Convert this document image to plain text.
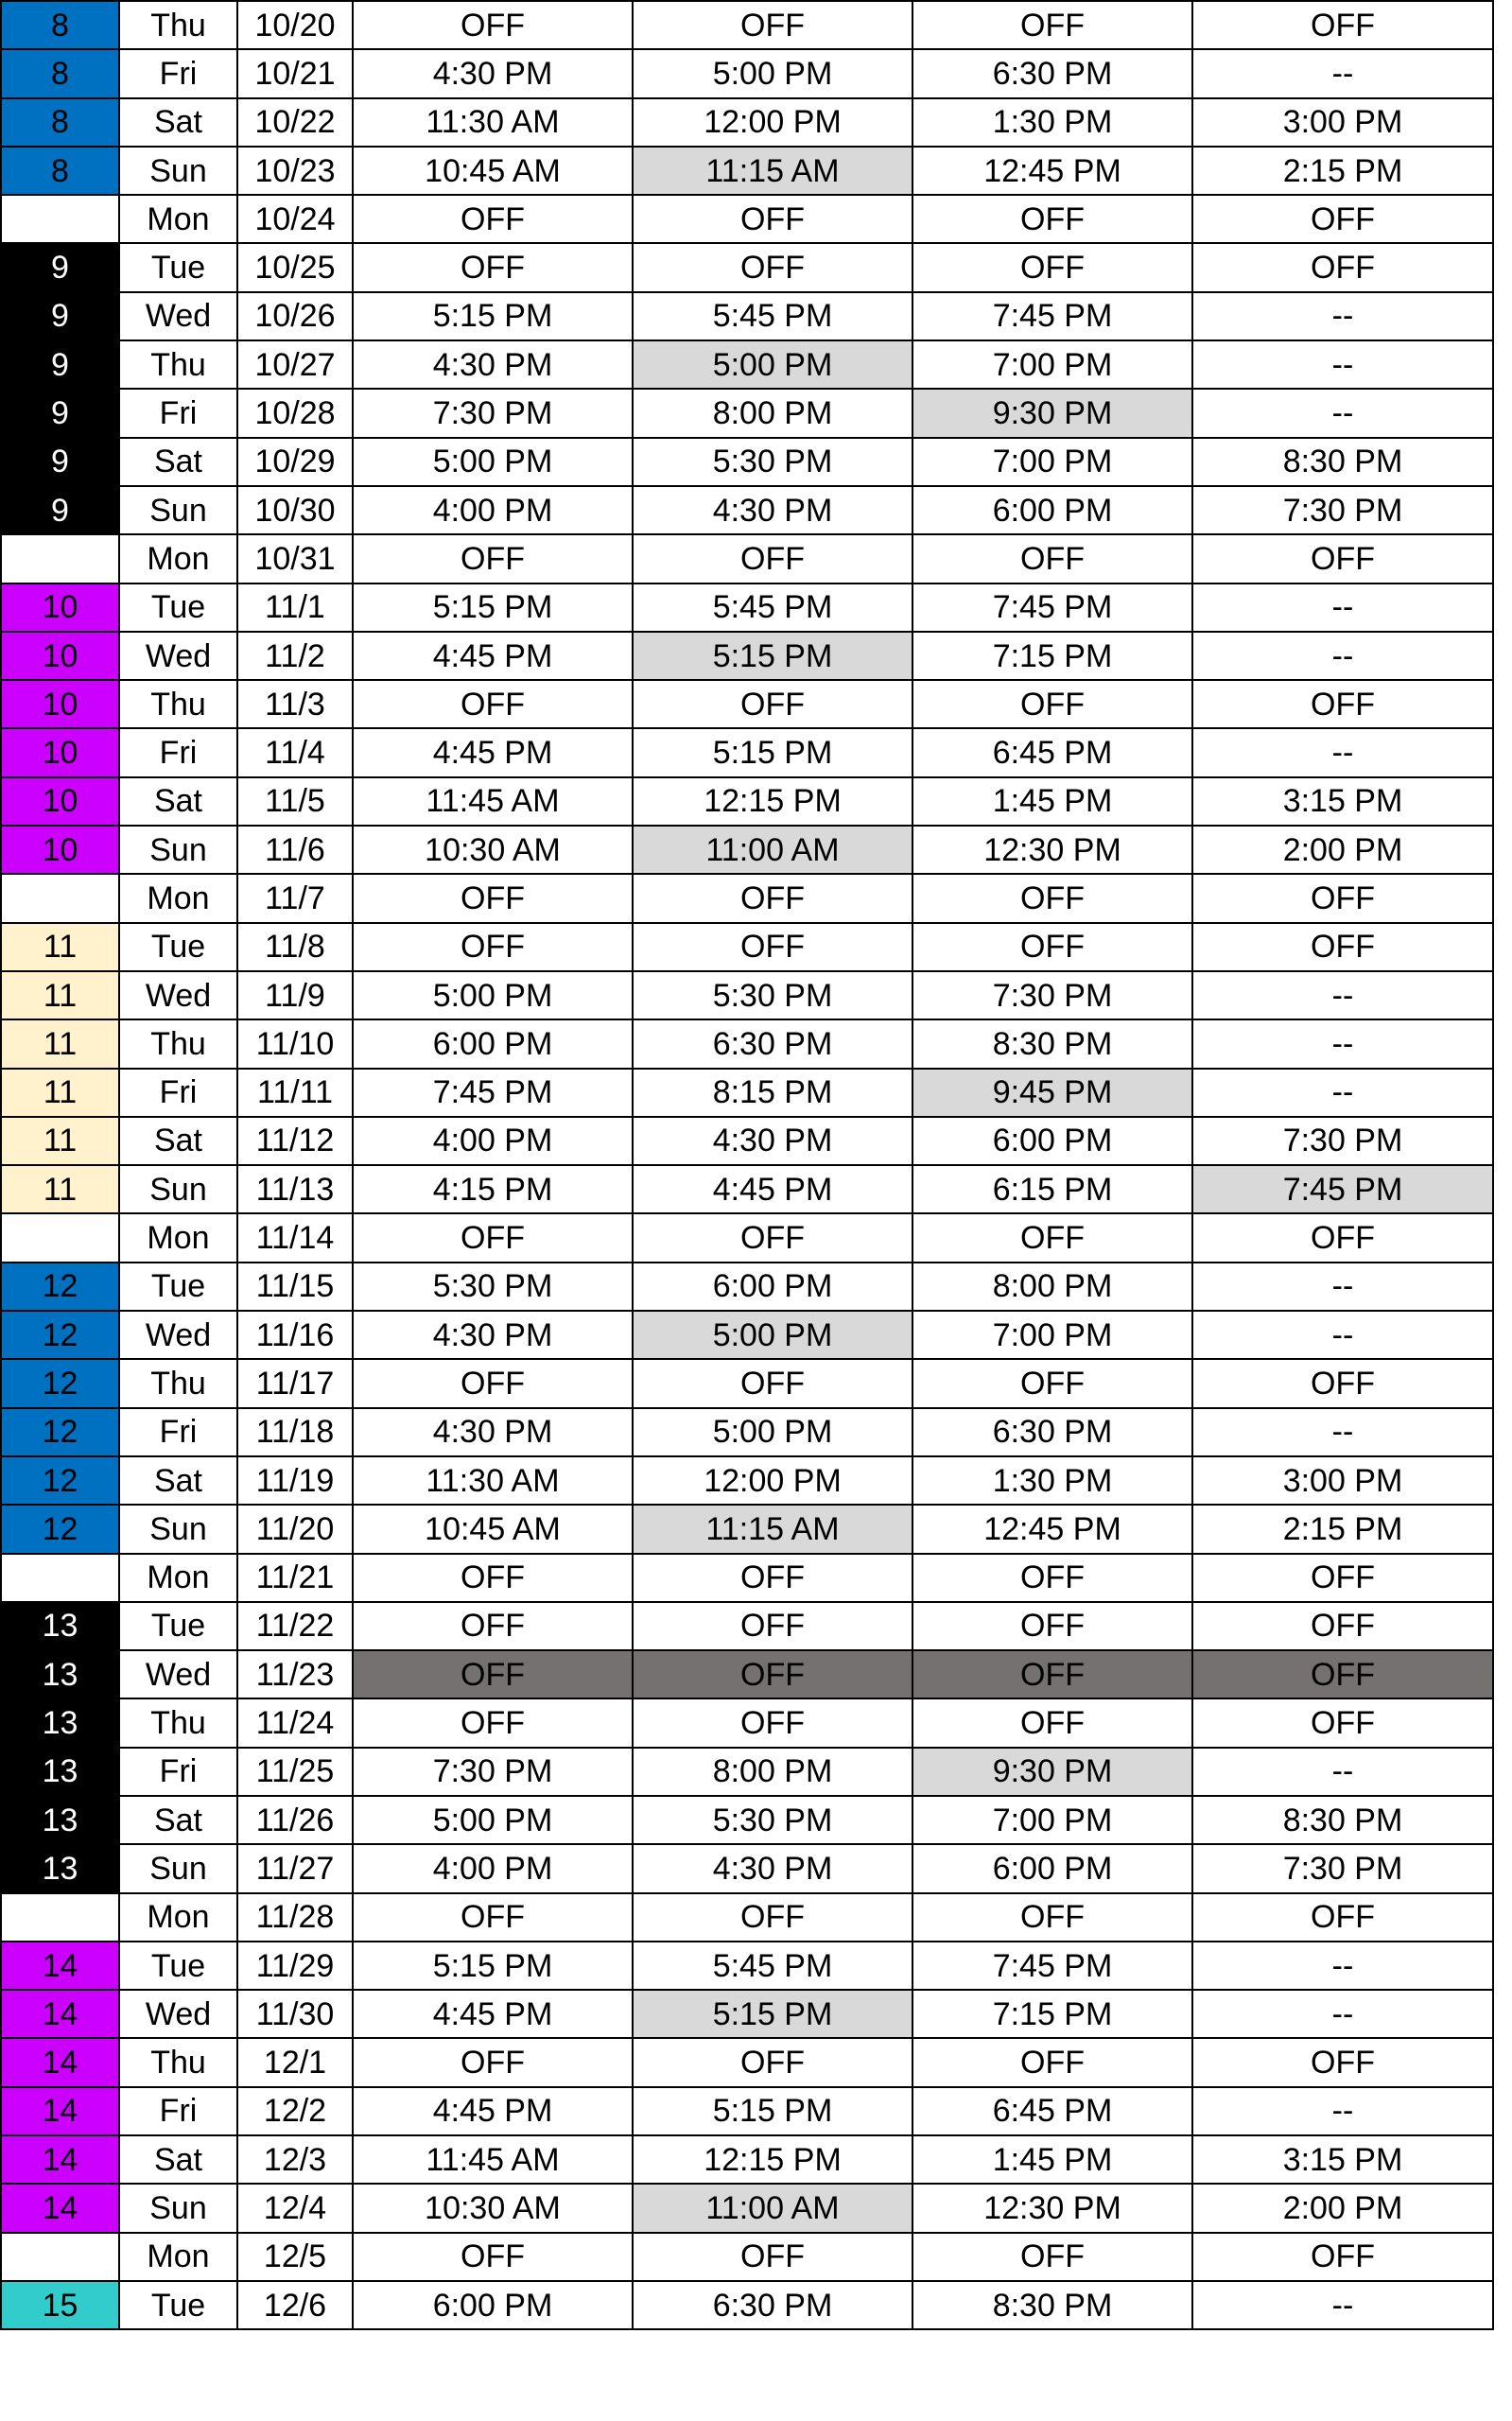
8	Thu	10/20	OFF	OFF	OFF	OFF
8	Fri	10/21	4:30 PM	5:00 PM	6:30 PM	--
8	Sat	10/22	11:30 AM	12:00 PM	1:30 PM	3:00 PM
8	Sun	10/23	10:45 AM	11:15 AM	12:45 PM	2:15 PM
	Mon	10/24	OFF	OFF	OFF	OFF
9	Tue	10/25	OFF	OFF	OFF	OFF
9	Wed	10/26	5:15 PM	5:45 PM	7:45 PM	--
9	Thu	10/27	4:30 PM	5:00 PM	7:00 PM	--
9	Fri	10/28	7:30 PM	8:00 PM	9:30 PM	--
9	Sat	10/29	5:00 PM	5:30 PM	7:00 PM	8:30 PM
9	Sun	10/30	4:00 PM	4:30 PM	6:00 PM	7:30 PM
	Mon	10/31	OFF	OFF	OFF	OFF
10	Tue	11/1	5:15 PM	5:45 PM	7:45 PM	--
10	Wed	11/2	4:45 PM	5:15 PM	7:15 PM	--
10	Thu	11/3	OFF	OFF	OFF	OFF
10	Fri	11/4	4:45 PM	5:15 PM	6:45 PM	--
10	Sat	11/5	11:45 AM	12:15 PM	1:45 PM	3:15 PM
10	Sun	11/6	10:30 AM	11:00 AM	12:30 PM	2:00 PM
	Mon	11/7	OFF	OFF	OFF	OFF
11	Tue	11/8	OFF	OFF	OFF	OFF
11	Wed	11/9	5:00 PM	5:30 PM	7:30 PM	--
11	Thu	11/10	6:00 PM	6:30 PM	8:30 PM	--
11	Fri	11/11	7:45 PM	8:15 PM	9:45 PM	--
11	Sat	11/12	4:00 PM	4:30 PM	6:00 PM	7:30 PM
11	Sun	11/13	4:15 PM	4:45 PM	6:15 PM	7:45 PM
	Mon	11/14	OFF	OFF	OFF	OFF
12	Tue	11/15	5:30 PM	6:00 PM	8:00 PM	--
12	Wed	11/16	4:30 PM	5:00 PM	7:00 PM	--
12	Thu	11/17	OFF	OFF	OFF	OFF
12	Fri	11/18	4:30 PM	5:00 PM	6:30 PM	--
12	Sat	11/19	11:30 AM	12:00 PM	1:30 PM	3:00 PM
12	Sun	11/20	10:45 AM	11:15 AM	12:45 PM	2:15 PM
	Mon	11/21	OFF	OFF	OFF	OFF
13	Tue	11/22	OFF	OFF	OFF	OFF
13	Wed	11/23	OFF	OFF	OFF	OFF
13	Thu	11/24	OFF	OFF	OFF	OFF
13	Fri	11/25	7:30 PM	8:00 PM	9:30 PM	--
13	Sat	11/26	5:00 PM	5:30 PM	7:00 PM	8:30 PM
13	Sun	11/27	4:00 PM	4:30 PM	6:00 PM	7:30 PM
	Mon	11/28	OFF	OFF	OFF	OFF
14	Tue	11/29	5:15 PM	5:45 PM	7:45 PM	--
14	Wed	11/30	4:45 PM	5:15 PM	7:15 PM	--
14	Thu	12/1	OFF	OFF	OFF	OFF
14	Fri	12/2	4:45 PM	5:15 PM	6:45 PM	--
14	Sat	12/3	11:45 AM	12:15 PM	1:45 PM	3:15 PM
14	Sun	12/4	10:30 AM	11:00 AM	12:30 PM	2:00 PM
	Mon	12/5	OFF	OFF	OFF	OFF
15	Tue	12/6	6:00 PM	6:30 PM	8:30 PM	--
